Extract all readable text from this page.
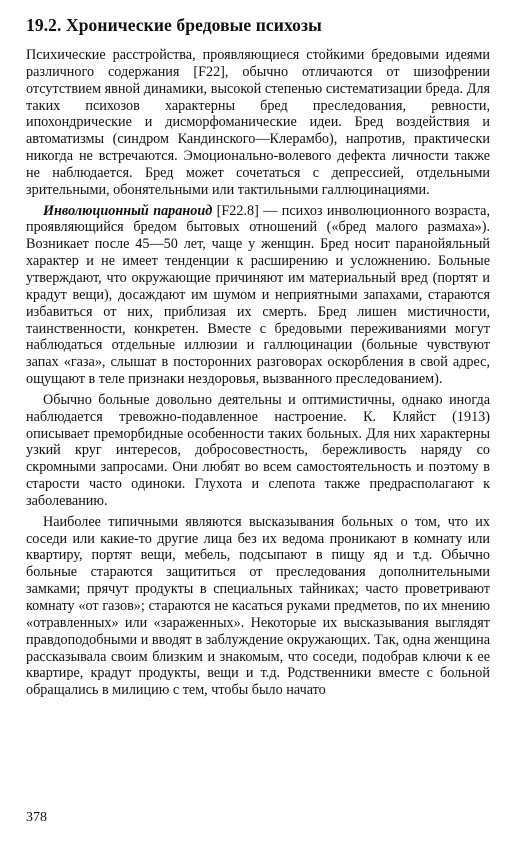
19.2. Хронические бредовые психозы

Психические расстройства, проявляющиеся стойкими бредовыми идеями различного содержания [F22], обычно отличаются от шизофрении отсутствием явной динамики, высокой степенью систематизации бреда. Для таких психозов характерны бред преследования, ревности, ипохондрические и дисморфоманические идеи. Бред воздействия и автоматизмы (синдром Кандинского—Клерамбо), напротив, практически никогда не встречаются. Эмоционально-волевого дефекта личности также не наблюдается. Бред может сочетаться с депрессией, отдельными зрительными, обонятельными или тактильными галлюцинациями.

Инволюционный параноид [F22.8] — психоз инволюционного возраста, проявляющийся бредом бытовых отношений («бред малого размаха»). Возникает после 45—50 лет, чаще у женщин. Бред носит паранойяльный характер и не имеет тенденции к расширению и усложнению. Больные утверждают, что окружающие причиняют им материальный вред (портят и крадут вещи), досаждают им шумом и неприятными запахами, стараются избавиться от них, приблизая их смерть. Бред лишен мистичности, таинственности, конкретен. Вместе с бредовыми переживаниями могут наблюдаться отдельные иллюзии и галлюцинации (больные чувствуют запах «газа», слышат в посторонних разговорах оскорбления в свой адрес, ощущают в теле признаки нездоровья, вызванного преследованием).

Обычно больные довольно деятельны и оптимистичны, однако иногда наблюдается тревожно-подавленное настроение. К. Кляйст (1913) описывает преморбидные особенности таких больных. Для них характерны узкий круг интересов, добросовестность, бережливость наряду со скромными запросами. Они любят во всем самостоятельность и поэтому в старости часто одиноки. Глухота и слепота также предрасполагают к заболеванию.

Наиболее типичными являются высказывания больных о том, что их соседи или какие-то другие лица без их ведома проникают в комнату или квартиру, портят вещи, мебель, подсыпают в пищу яд и т.д. Обычно больные стараются защититься от преследования дополнительными замками; прячут продукты в специальных тайниках; часто проветривают комнату «от газов»; стараются не касаться руками предметов, по их мнению «отравленных» или «зараженных». Некоторые их высказывания выглядят правдоподобными и вводят в заблуждение окружающих. Так, одна женщина рассказывала своим близким и знакомым, что соседи, подобрав ключи к ее квартире, крадут продукты, вещи и т.д. Родственники вместе с больной обращались в милицию с тем, чтобы было начато

378
